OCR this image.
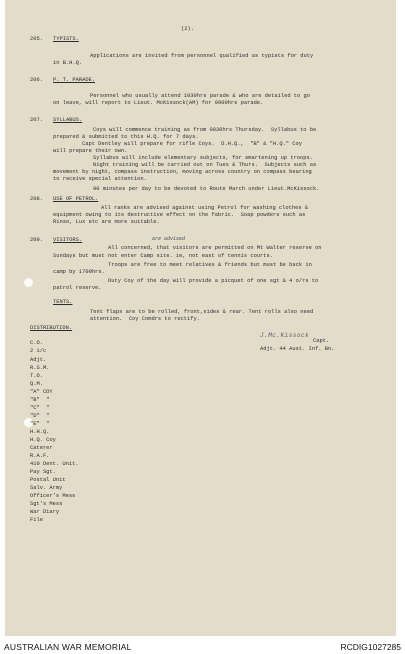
(2).
205. TYPISTS.
Applications are invited from personnel qualified as typists for duty
in B.H.Q.
206. P. T. PARADE.
Personnel who usually attend 1030hrs parade & who are detailed to go
on leave, will report to Lieut. McKissock(AM) for 0900hrs parade.
207. SYLLABUS.
Coys will commence training as from 0830hrs Thursday.  Syllabus to be
prepared & submitted to this H.Q. for 7 days.
Capt Dentley will prepare for rifle Coys.  D.H.Q.,  "B" & "H.Q." Coy
will prepare their own.
Syllabus will include elementary subjects, for smartening up troops.
Night training will be carried out on Tues & Thurs.  Subjects such as
movement by night, compass instruction, moving across country on compass bearing
to receive special attention.
90 minutes per day to be devoted to Route March under Lieut.McKissock.
208. USE OF PETROL.
All ranks are advised against using Petrol for washing clothes &
equipment owing to its destructive effect on the fabric.  Soap powders such as
Rinso, Lux etc are more suitable.
209. VISITORS.	are advised
All concerned, that visitors are permitted on Mt Walter reserve on
Sundays but must not enter Camp site. ie, not east of tennis courts.
Troops are free to meet relatives & friends but must be back in
camp by 1700hrs.
Duty Coy of the day will provide a picquet of one sgt & 4 o/rs to
patrol reserve.
TENTS.
Tent flaps are to be rolled, front,sides & rear. Tent rolls also need
attention.  Coy Comdrs to rectify.
DISTRIBUTION.
C.O.
2 i/c
Adjt.
R.S.M.
T.O.
Q.M.
"A" COY
"B"  "
"C"  "
"D"  "
"E"  "
H.H.Q.
H.Q. Coy
Caterer
R.A.F.
410 Dent. Unit.
Pay Sgt.
Postal Unit
Salv. Army
Officer's Mess
Sgt's Mess
War Diary
File
J.Mc.Kissock
Capt.
Adjt. 44 Aust. Inf. Bn.
AUSTRALIAN WAR MEMORIAL	RCDIG1027285
